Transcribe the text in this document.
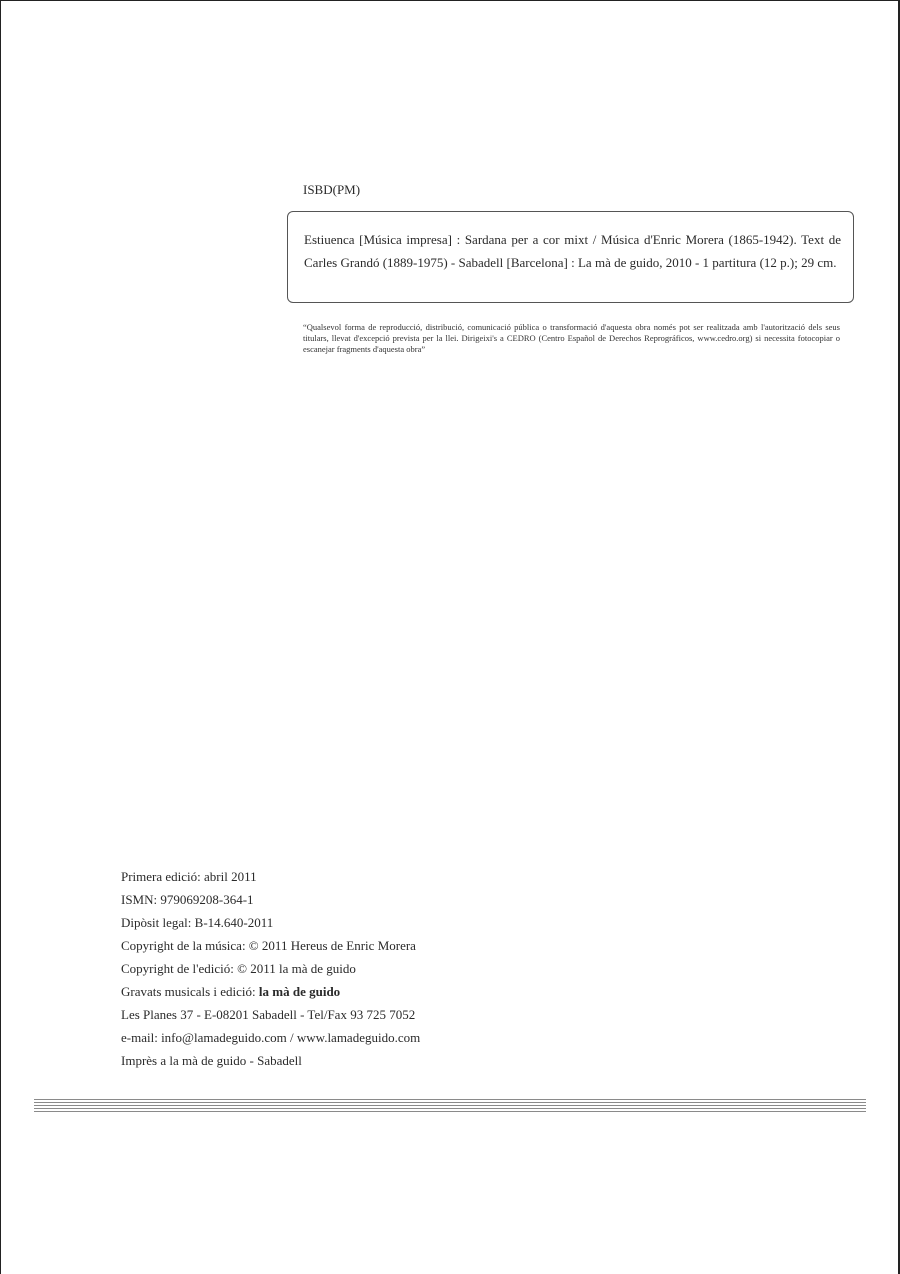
ISBD(PM)
Estiuenca [Música impresa] : Sardana per a cor mixt / Música d'Enric Morera (1865-1942). Text de Carles Grandó (1889-1975) - Sabadell [Barcelona] : La mà de guido, 2010 - 1 partitura (12 p.); 29 cm.
“Qualsevol forma de reproducció, distribució, comunicació pública o transformació d'aquesta obra només pot ser realitzada amb l'autorització dels seus titulars, llevat d'excepció prevista per la llei. Dirigeixi's a CEDRO (Centro Español de Derechos Reprográficos, www.cedro.org) si necessita fotocopiar o escanejar fragments d'aquesta obra”
Primera edició: abril 2011
ISMN: 979069208-364-1
Dipòsit legal: B-14.640-2011
Copyright de la música: © 2011 Hereus de Enric Morera
Copyright de l'edició: © 2011 la mà de guido
Gravats musicals i edició: la mà de guido
Les Planes 37 - E-08201 Sabadell - Tel/Fax 93 725 7052
e-mail: info@lamadeguido.com / www.lamadeguido.com
Imprès a la mà de guido - Sabadell
